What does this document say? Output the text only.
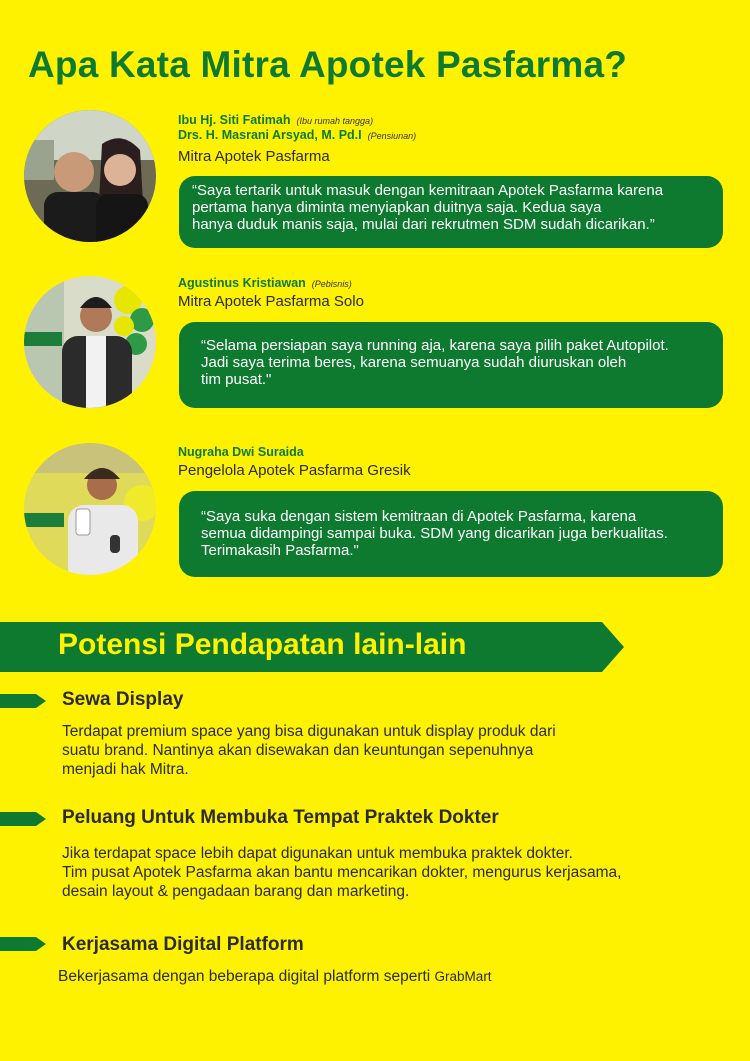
Apa Kata Mitra Apotek Pasfarma?
Ibu Hj. Siti Fatimah (Ibu rumah tangga)
Drs. H. Masrani Arsyad, M. Pd.I (Pensiunan)
Mitra Apotek Pasfarma
“Saya tertarik untuk masuk dengan kemitraan Apotek Pasfarma karena
pertama hanya diminta menyiapkan duitnya saja. Kedua saya
hanya duduk manis saja, mulai dari rekrutmen SDM sudah dicarikan.”
Agustinus Kristiawan (Pebisnis)
Mitra Apotek Pasfarma Solo
“Selama persiapan saya running aja, karena saya pilih paket Autopilot.
Jadi saya terima beres, karena semuanya sudah diuruskan oleh
tim pusat."
Nugraha Dwi Suraida
Pengelola Apotek Pasfarma Gresik
“Saya suka dengan sistem kemitraan di Apotek Pasfarma, karena
semua didampingi sampai buka. SDM yang dicarikan juga berkualitas.
Terimakasih Pasfarma."
Potensi Pendapatan lain-lain
Sewa Display
Terdapat premium space yang bisa digunakan untuk display produk dari
suatu brand. Nantinya akan disewakan dan keuntungan sepenuhnya
menjadi hak Mitra.
Peluang Untuk Membuka Tempat Praktek Dokter
Jika terdapat space lebih dapat digunakan untuk membuka praktek dokter.
Tim pusat Apotek Pasfarma akan bantu mencarikan dokter, mengurus kerjasama,
desain layout & pengadaan barang dan marketing.
Kerjasama Digital Platform
Bekerjasama dengan beberapa digital platform seperti GrabMart
